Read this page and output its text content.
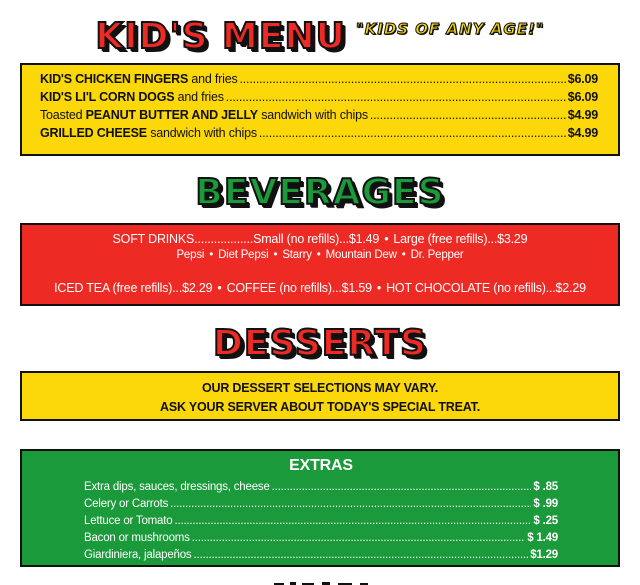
KID'S MENU $^{"KIDS OF ANY AGE!"}$
KID'S CHICKEN FINGERS and fries .....	$6.09
KID'S LI'L CORN DOGS and fries .....	$6.09
Toasted PEANUT BUTTER AND JELLY sandwich with chips .....	$4.99
GRILLED CHEESE sandwich with chips .....	$4.99
BEVERAGES
SOFT DRINKS..................Small (no refills)...$1.49 • Large (free refills)...$3.29
Pepsi • Diet Pepsi • Starry • Mountain Dew • Dr. Pepper
ICED TEA (free refills)...$2.29 • COFFEE (no refills)...$1.59 • HOT CHOCOLATE (no refills)...$2.29
DESSERTS
OUR DESSERT SELECTIONS MAY VARY.
ASK YOUR SERVER ABOUT TODAY'S SPECIAL TREAT.
EXTRAS
Extra dips, sauces, dressings, cheese .....	$ .85
Celery or Carrots .....	$ .99
Lettuce or Tomato .....	$ .25
Bacon or mushrooms .....	$ 1.49
Giardiniera, jalapeños .....	$1.29
